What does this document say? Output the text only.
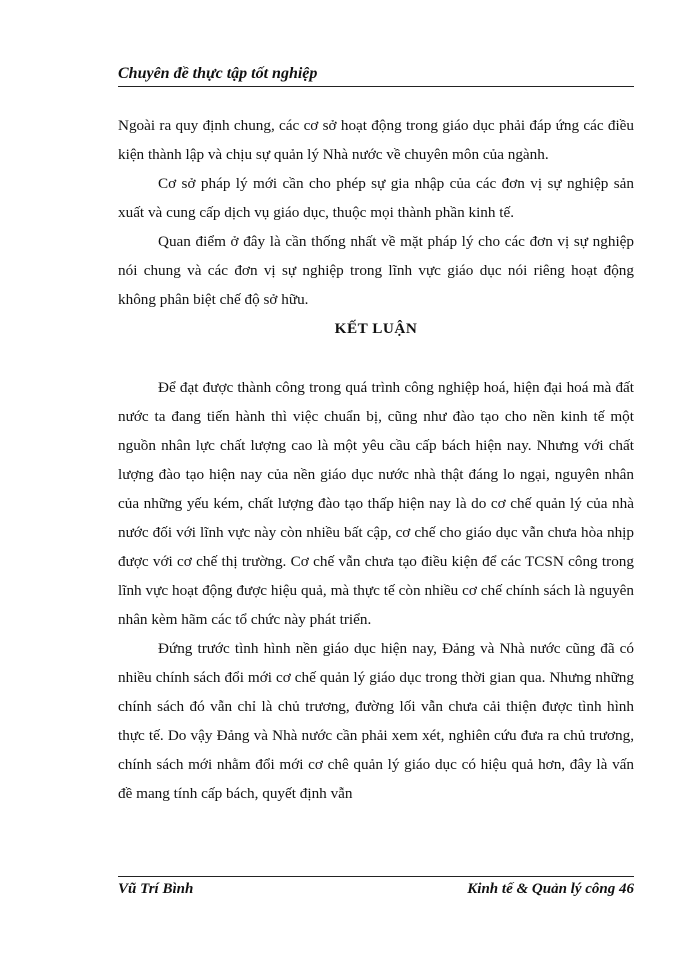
Chuyên đề thực tập tốt nghiệp

Ngoài ra quy định chung, các cơ sở hoạt động trong giáo dục phải đáp ứng các điều kiện thành lập và chịu sự quản lý Nhà nước về chuyên môn của ngành.

Cơ sở pháp lý mới cần cho phép sự gia nhập của các đơn vị sự nghiệp sản xuất và cung cấp dịch vụ giáo dục, thuộc mọi thành phần kinh tế.

Quan điểm ở đây là cần thống nhất về mặt pháp lý cho các đơn vị sự nghiệp nói chung và các đơn vị sự nghiệp trong lĩnh vực giáo dục nói riêng hoạt động không phân biệt chế độ sở hữu.

KẾT LUẬN

Để đạt được thành công trong quá trình công nghiệp hoá, hiện đại hoá mà đất nước ta đang tiến hành thì việc chuẩn bị, cũng như đào tạo cho nền kinh tế một nguồn nhân lực chất lượng cao là một yêu cầu cấp bách hiện nay. Nhưng với chất lượng đào tạo hiện nay của nền giáo dục nước nhà thật đáng lo ngại, nguyên nhân của những yếu kém, chất lượng đào tạo thấp hiện nay là do cơ chế quản lý của nhà nước đối với lĩnh vực này còn nhiều bất cập, cơ chế cho giáo dục vẫn chưa hòa nhịp được với cơ chế thị trường. Cơ chế vẫn chưa tạo điều kiện để các TCSN công trong lĩnh vực hoạt động được hiệu quả, mà thực tế còn nhiều cơ chế chính sách là nguyên nhân kèm hãm các tổ chức này phát triển.

Đứng trước tình hình nền giáo dục hiện nay, Đảng và Nhà nước cũng đã có nhiều chính sách đổi mới cơ chế quản lý giáo dục trong thời gian qua. Nhưng những chính sách đó vẫn chỉ là chủ trương, đường lối vẫn chưa cải thiện được tình hình thực tế. Do vậy Đảng và Nhà nước cần phải xem xét, nghiên cứu đưa ra chủ trương, chính sách mới nhằm đổi mới cơ chê quản lý giáo dục có hiệu quả hơn, đây là vấn đề mang tính cấp bách, quyết định vẫn

Vũ Trí Bình	Kinh tế & Quản lý công 46
